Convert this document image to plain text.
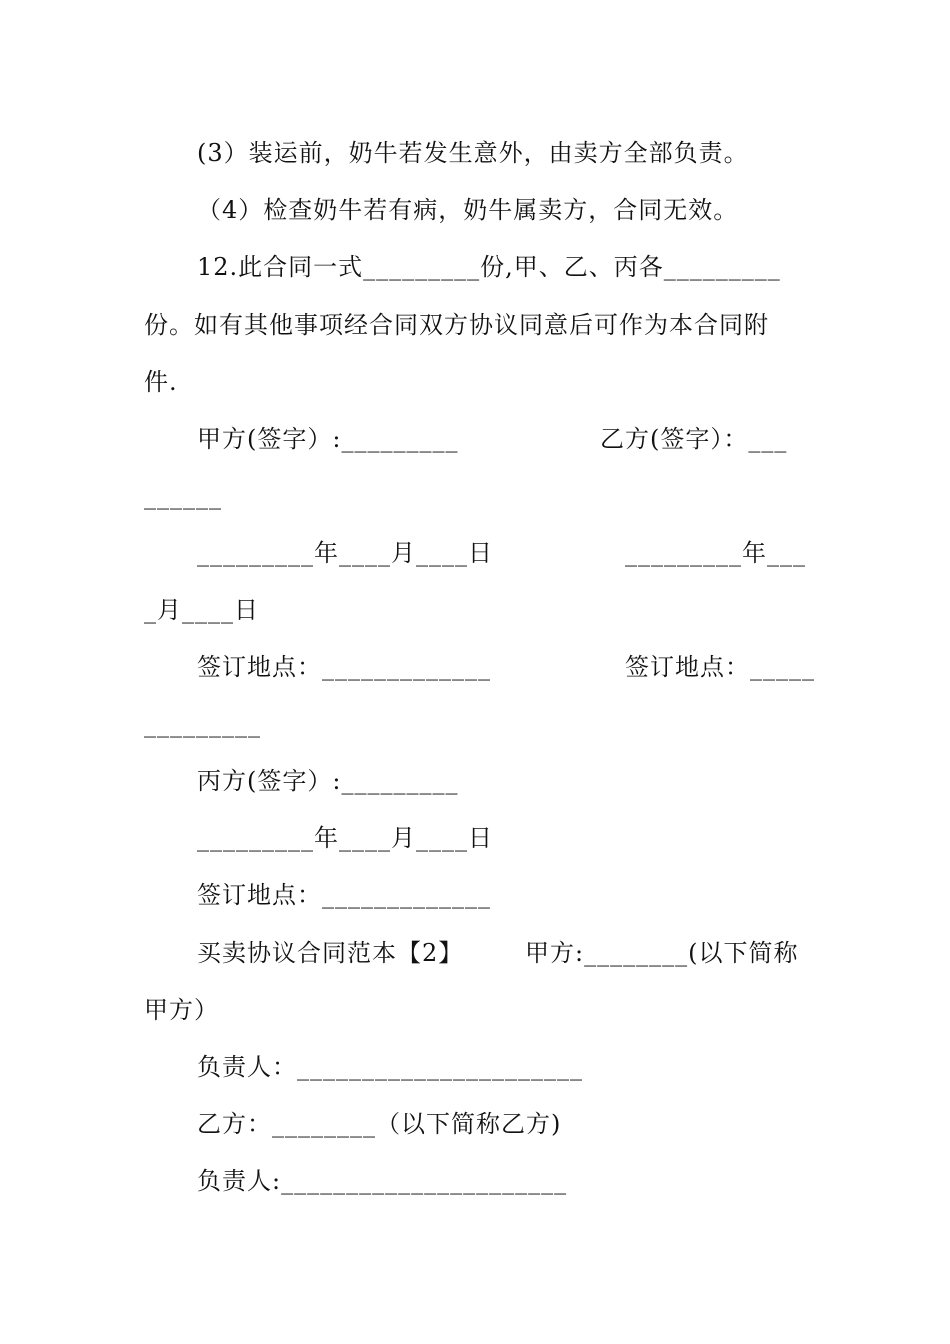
(3）装运前，奶牛若发生意外，由卖方全部负责。
（4）检查奶牛若有病，奶牛属卖方，合同无效。
12.此合同一式_________份,甲、乙、丙各_________
份。如有其他事项经合同双方协议同意后可作为本合同附
件.
甲方(签字）:_________	乙方(签字）：___
______
_________年____月____日	_________年___
_月____日
签订地点：_____________	签订地点：_____
_________
丙方(签字）:_________
_________年____月____日
签订地点：_____________
买卖协议合同范本【2】	甲方:________(以下简称
甲方）
负责人：______________________
乙方：________（以下简称乙方)
负责人:______________________
